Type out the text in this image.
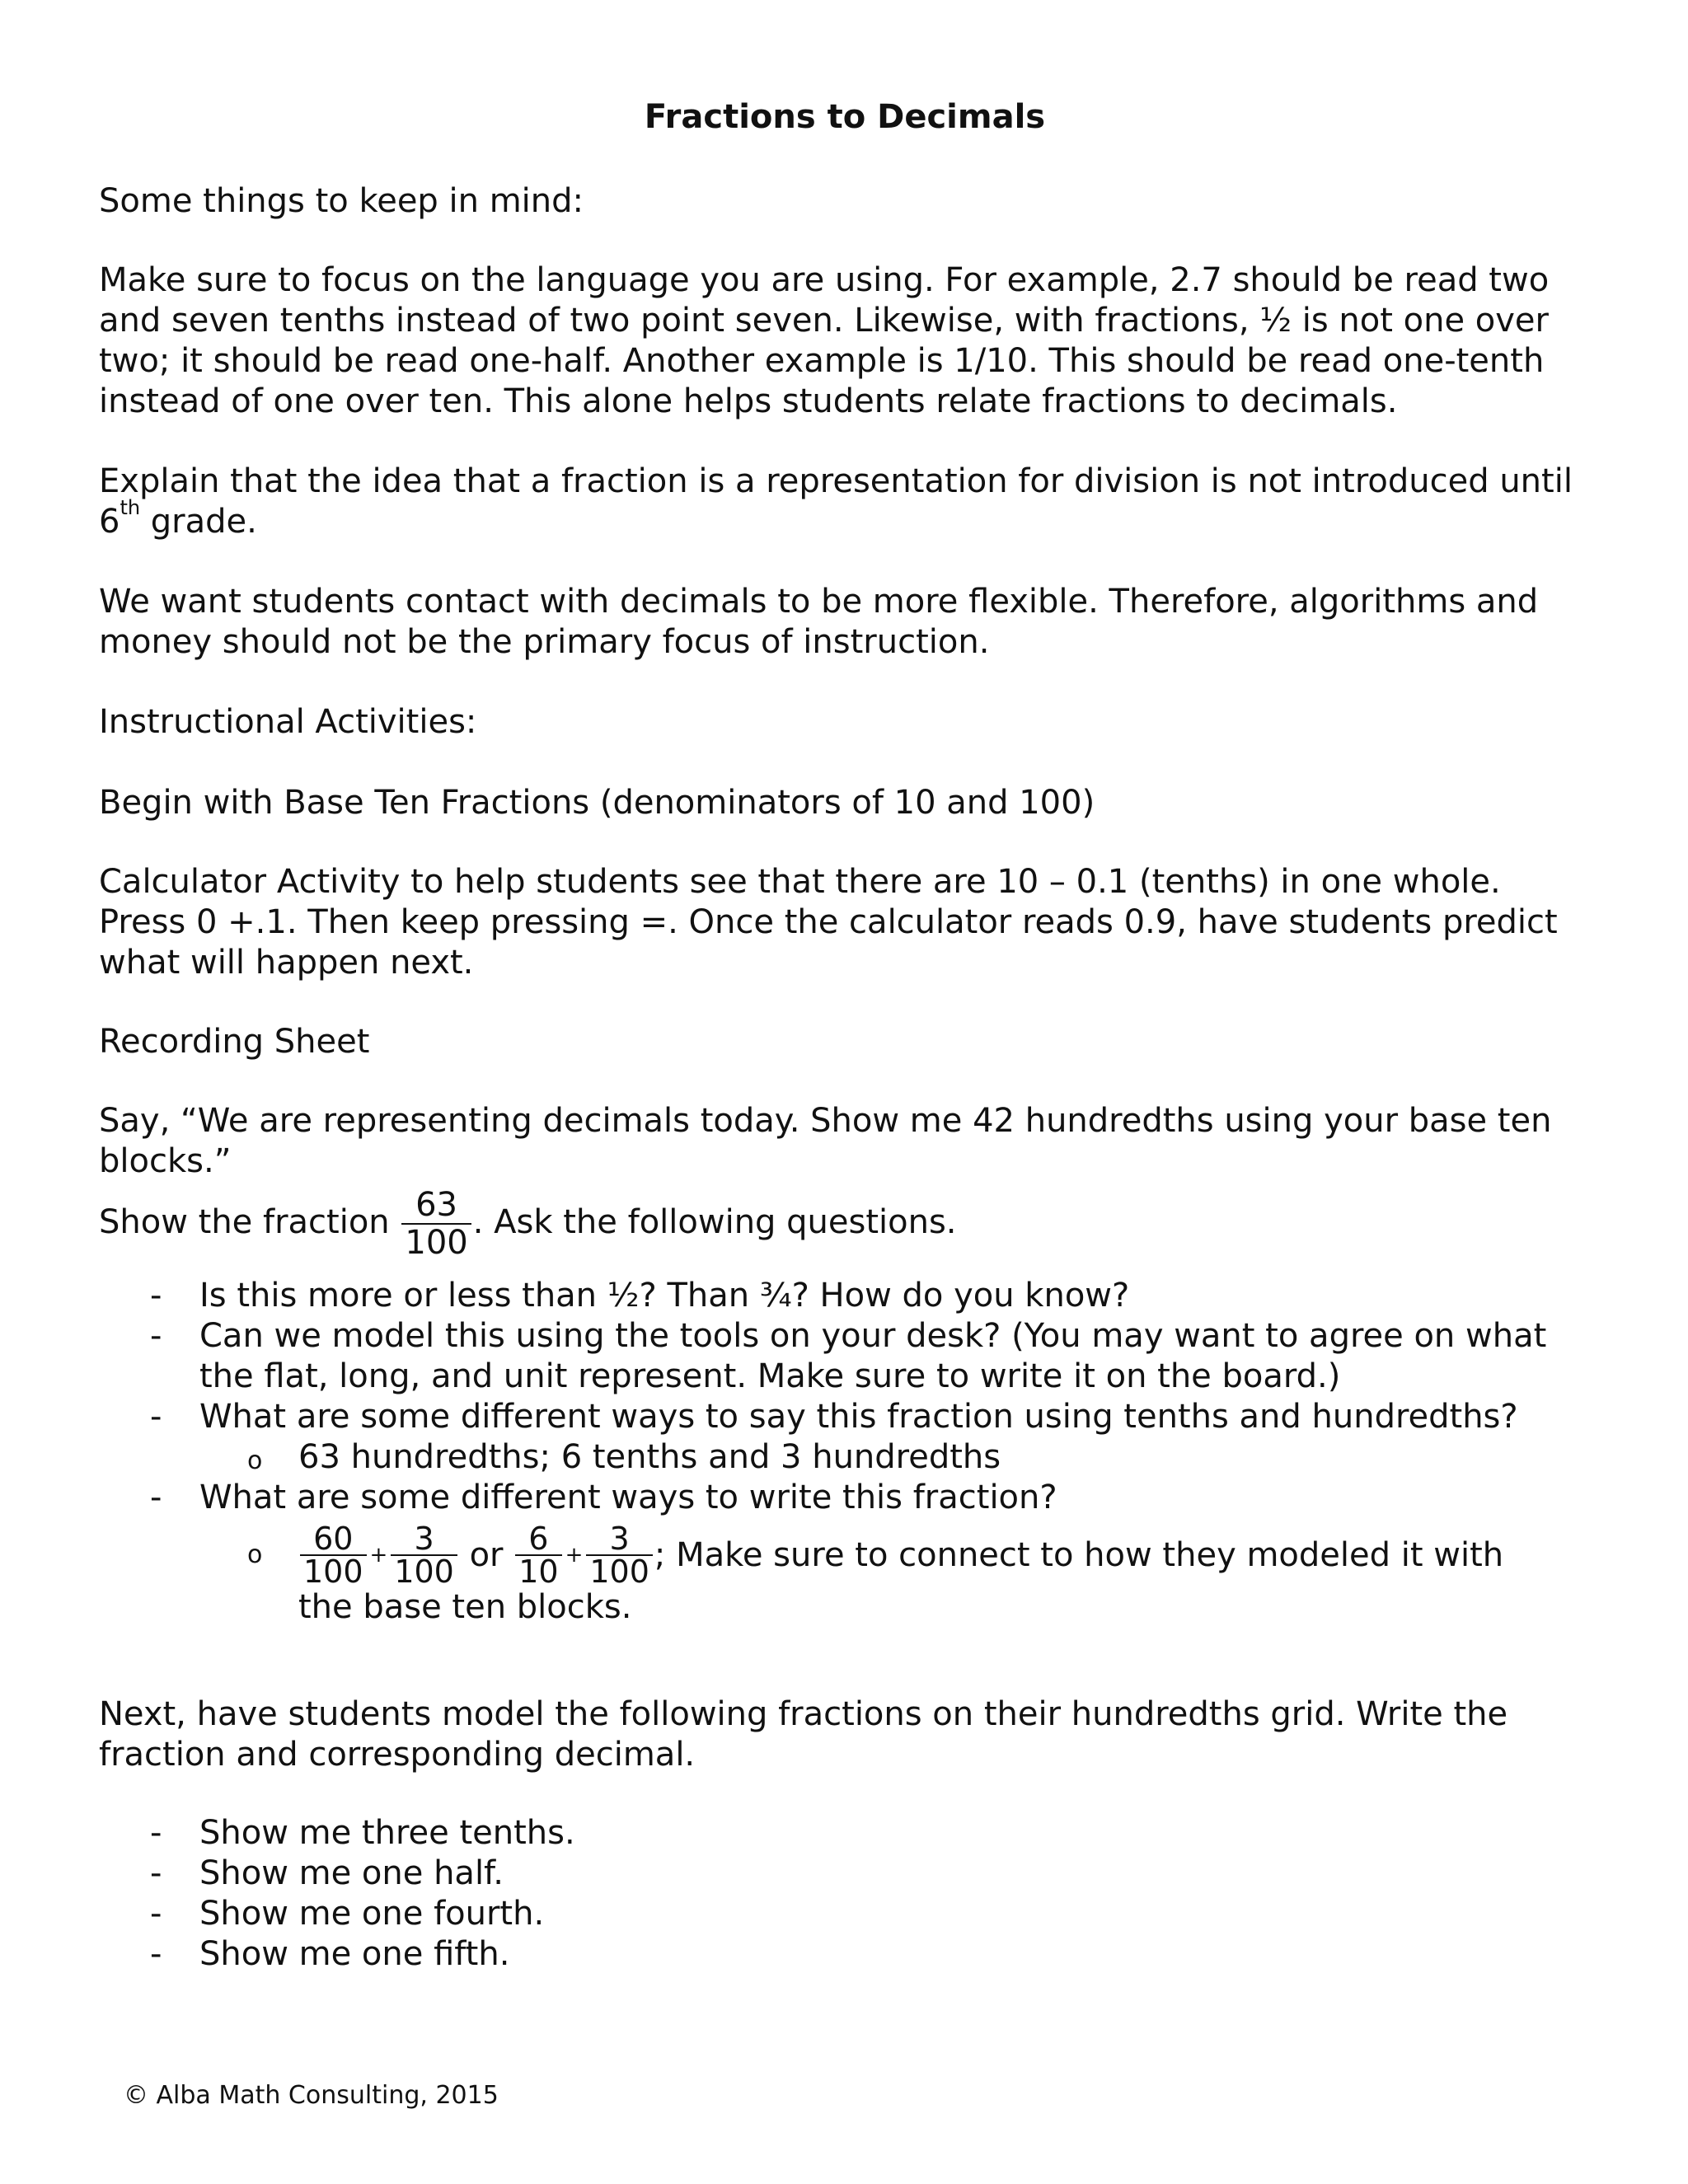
Fractions to Decimals
Some things to keep in mind:
Make sure to focus on the language you are using. For example, 2.7 should be read two and seven tenths instead of two point seven. Likewise, with fractions, ½ is not one over two; it should be read one-half. Another example is 1/10. This should be read one-tenth instead of one over ten. This alone helps students relate fractions to decimals.
Explain that the idea that a fraction is a representation for division is not introduced until 6th grade.
We want students contact with decimals to be more flexible. Therefore, algorithms and money should not be the primary focus of instruction.
Instructional Activities:
Begin with Base Ten Fractions (denominators of 10 and 100)
Calculator Activity to help students see that there are 10 – 0.1 (tenths) in one whole. Press 0 +.1. Then keep pressing =. Once the calculator reads 0.9, have students predict what will happen next.
Recording Sheet
Say, “We are representing decimals today. Show me 42 hundredths using your base ten blocks.”
Show the fraction $\frac{63}{100}$ . Ask the following questions.
- Is this more or less than ½? Than ¾? How do you know?
- Can we model this using the tools on your desk? (You may want to agree on what the flat, long, and unit represent. Make sure to write it on the board.)
- What are some different ways to say this fraction using tenths and hundredths?
o 63 hundredths; 6 tenths and 3 hundredths
- What are some different ways to write this fraction?
o $\frac{60}{100} + \frac{3}{100}$ or $\frac{6}{10} + \frac{3}{100}$ ; Make sure to connect to how they modeled it with
the base ten blocks.
Next, have students model the following fractions on their hundredths grid. Write the fraction and corresponding decimal.
- Show me three tenths.
- Show me one half.
- Show me one fourth.
- Show me one fifth.
© Alba Math Consulting, 2015
